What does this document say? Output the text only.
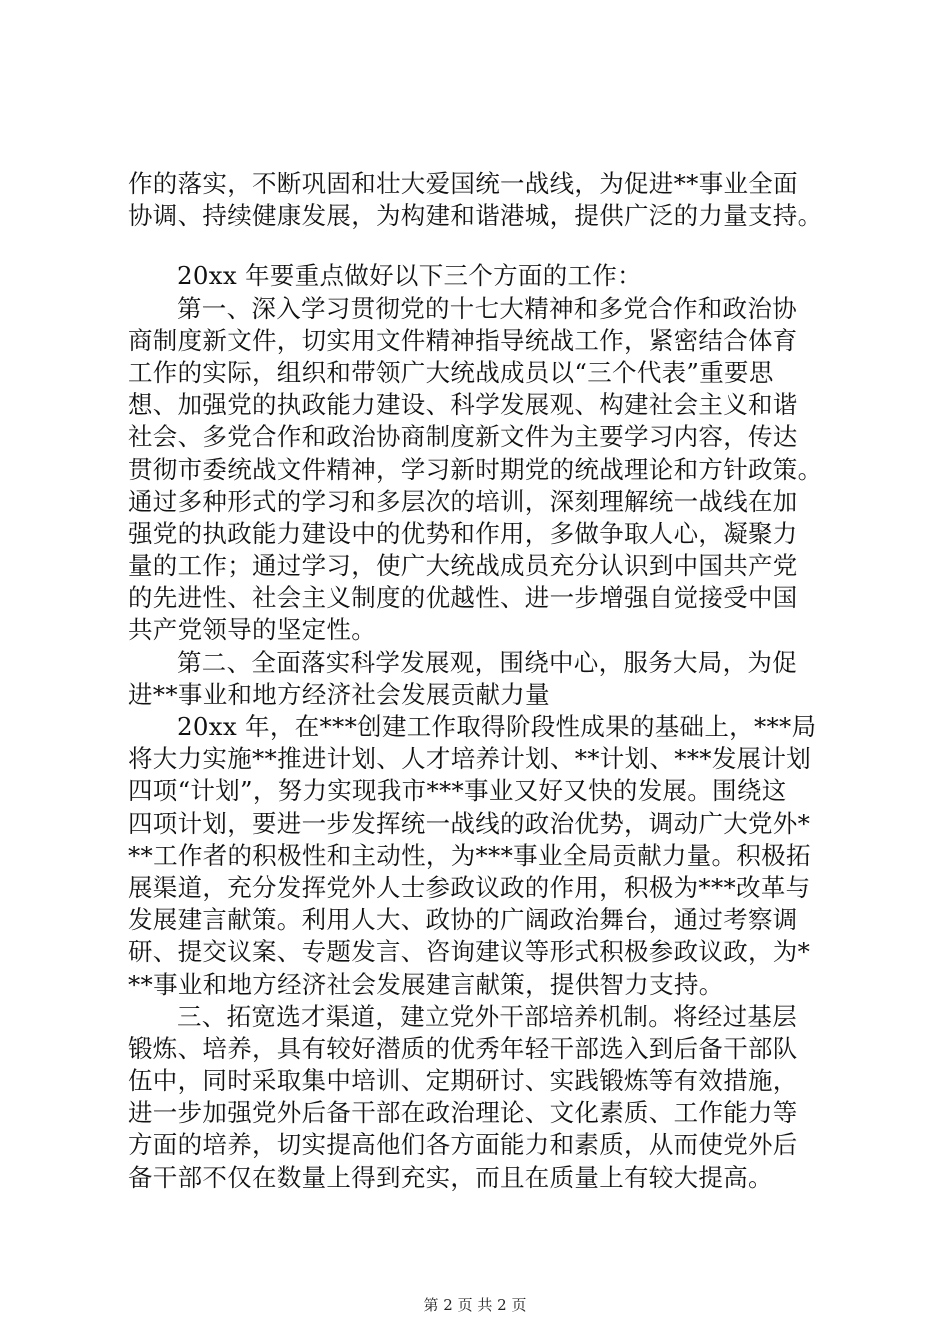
作的落实，不断巩固和壮大爱国统一战线，为促进**事业全面
协调、持续健康发展，为构建和谐港城，提供广泛的力量支持。
20xx 年要重点做好以下三个方面的工作：
第一、深入学习贯彻党的十七大精神和多党合作和政治协
商制度新文件，切实用文件精神指导统战工作，紧密结合体育
工作的实际，组织和带领广大统战成员以“三个代表”重要思
想、加强党的执政能力建设、科学发展观、构建社会主义和谐
社会、多党合作和政治协商制度新文件为主要学习内容，传达
贯彻市委统战文件精神，学习新时期党的统战理论和方针政策。
通过多种形式的学习和多层次的培训，深刻理解统一战线在加
强党的执政能力建设中的优势和作用，多做争取人心，凝聚力
量的工作；通过学习，使广大统战成员充分认识到中国共产党
的先进性、社会主义制度的优越性、进一步增强自觉接受中国
共产党领导的坚定性。
第二、全面落实科学发展观，围绕中心，服务大局，为促
进**事业和地方经济社会发展贡献力量
20xx 年，在***创建工作取得阶段性成果的基础上，***局
将大力实施**推进计划、人才培养计划、**计划、***发展计划
四项“计划”，努力实现我市***事业又好又快的发展。围绕这
四项计划，要进一步发挥统一战线的政治优势，调动广大党外*
**工作者的积极性和主动性，为***事业全局贡献力量。积极拓
展渠道，充分发挥党外人士参政议政的作用，积极为***改革与
发展建言献策。利用人大、政协的广阔政治舞台，通过考察调
研、提交议案、专题发言、咨询建议等形式积极参政议政，为*
**事业和地方经济社会发展建言献策，提供智力支持。
三、拓宽选才渠道，建立党外干部培养机制。将经过基层
锻炼、培养，具有较好潜质的优秀年轻干部选入到后备干部队
伍中，同时采取集中培训、定期研讨、实践锻炼等有效措施，
进一步加强党外后备干部在政治理论、文化素质、工作能力等
方面的培养，切实提高他们各方面能力和素质，从而使党外后
备干部不仅在数量上得到充实，而且在质量上有较大提高。
第 2 页 共 2 页
